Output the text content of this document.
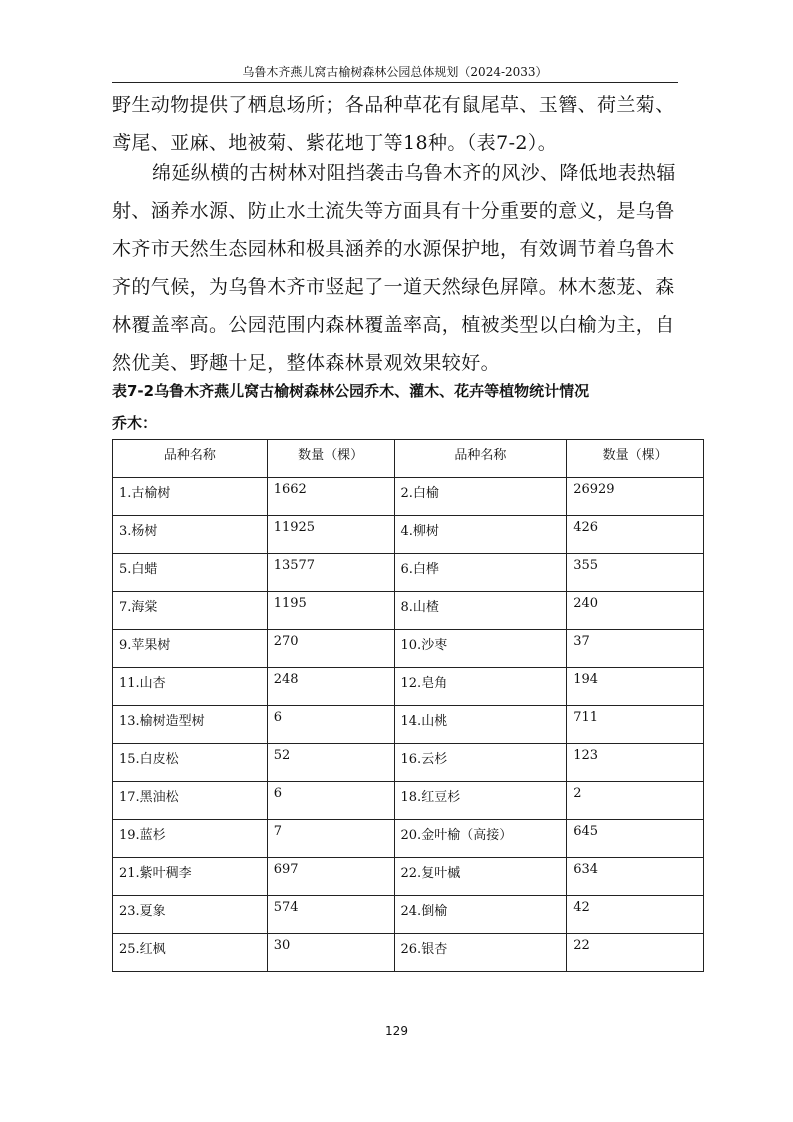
乌鲁木齐燕儿窝古榆树森林公园总体规划（2024-2033）

野生动物提供了栖息场所；各品种草花有鼠尾草、玉簪、荷兰菊、鸢尾、亚麻、地被菊、紫花地丁等18种。（表7-2）。

绵延纵横的古树林对阻挡袭击乌鲁木齐的风沙、降低地表热辐射、涵养水源、防止水土流失等方面具有十分重要的意义，是乌鲁木齐市天然生态园林和极具涵养的水源保护地，有效调节着乌鲁木齐的气候，为乌鲁木齐市竖起了一道天然绿色屏障。林木葱茏、森林覆盖率高。公园范围内森林覆盖率高，植被类型以白榆为主，自然优美、野趣十足，整体森林景观效果较好。

表7-2乌鲁木齐燕儿窝古榆树森林公园乔木、灌木、花卉等植物统计情况
乔木：
品种名称	数量（棵）	品种名称	数量（棵）
1.古榆树	1662	2.白榆	26929
3.杨树	11925	4.柳树	426
5.白蜡	13577	6.白桦	355
7.海棠	1195	8.山楂	240
9.苹果树	270	10.沙枣	37
11.山杏	248	12.皂角	194
13.榆树造型树	6	14.山桃	711
15.白皮松	52	16.云杉	123
17.黑油松	6	18.红豆杉	2
19.蓝杉	7	20.金叶榆（高接）	645
21.紫叶稠李	697	22.复叶槭	634
23.夏象	574	24.倒榆	42
25.红枫	30	26.银杏	22
129
